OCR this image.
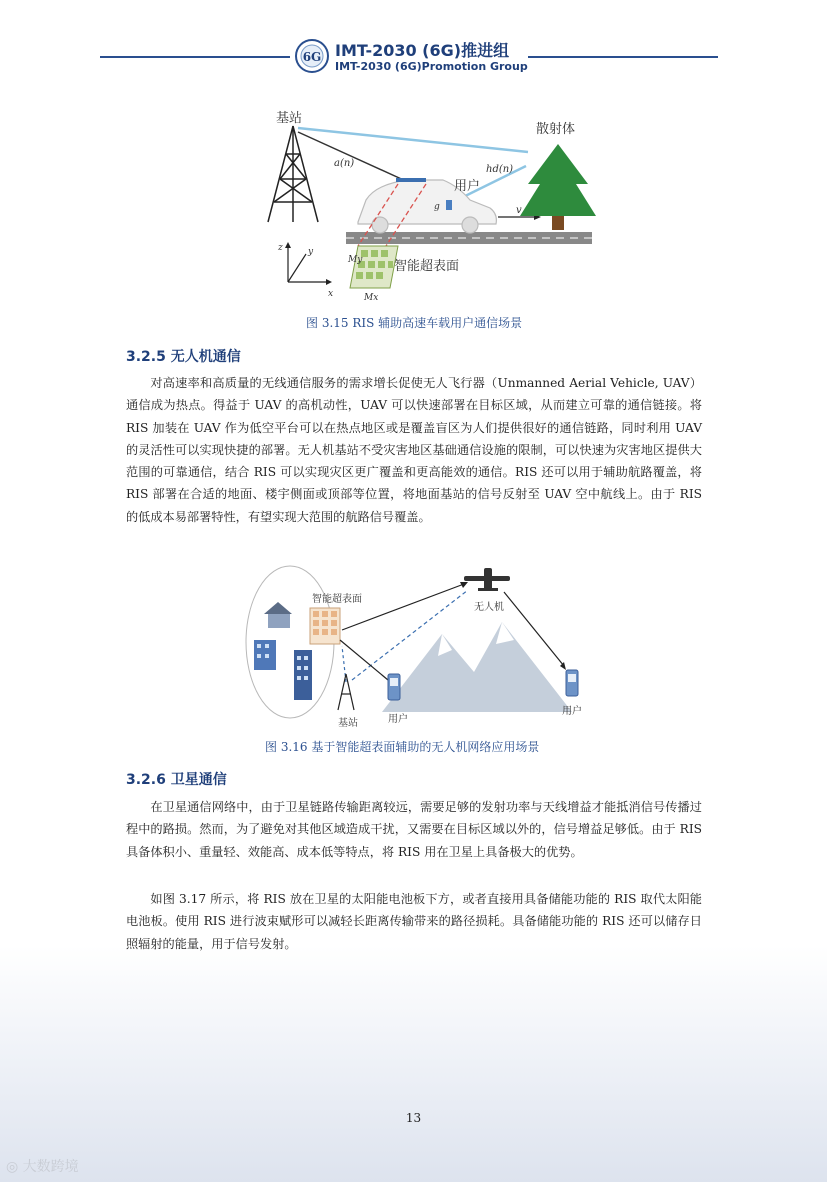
6G IMT-2030 (6G)推进组
IMT-2030 (6G)Promotion Group
基站
a(n)
hd(n)
g
用户
v
散射体
My
Mx
智能超表面
z	y
x
图 3.15 RIS 辅助高速车载用户通信场景
3.2.5 无人机通信

对高速率和高质量的无线通信服务的需求增长促使无人飞行器（Unmanned Aerial Vehicle, UAV）通信成为热点。得益于 UAV 的高机动性，UAV 可以快速部署在目标区域，从而建立可靠的通信链接。将 RIS 加装在 UAV 作为低空平台可以在热点地区或是覆盖盲区为人们提供很好的通信链路，同时利用 UAV 的灵活性可以实现快捷的部署。无人机基站不受灾害地区基础通信设施的限制，可以快速为灾害地区提供大范围的可靠通信，结合 RIS 可以实现灾区更广覆盖和更高能效的通信。RIS 还可以用于辅助航路覆盖，将 RIS 部署在合适的地面、楼宇侧面或顶部等位置，将地面基站的信号反射至 UAV 空中航线上。由于 RIS 的低成本易部署特性，有望实现大范围的航路信号覆盖。

智能超表面
无人机
基站	用户
用户
图 3.16 基于智能超表面辅助的无人机网络应用场景
3.2.6 卫星通信

在卫星通信网络中，由于卫星链路传输距离较远，需要足够的发射功率与天线增益才能抵消信号传播过程中的路损。然而，为了避免对其他区域造成干扰，又需要在目标区域以外的，信号增益足够低。由于 RIS 具备体积小、重量轻、效能高、成本低等特点，将 RIS 用在卫星上具备极大的优势。

如图 3.17 所示，将 RIS 放在卫星的太阳能电池板下方，或者直接用具备储能功能的 RIS 取代太阳能电池板。使用 RIS 进行波束赋形可以减轻长距离传输带来的路径损耗。具备储能功能的 RIS 还可以储存日照辐射的能量，用于信号发射。

13
◎ 大数跨境
